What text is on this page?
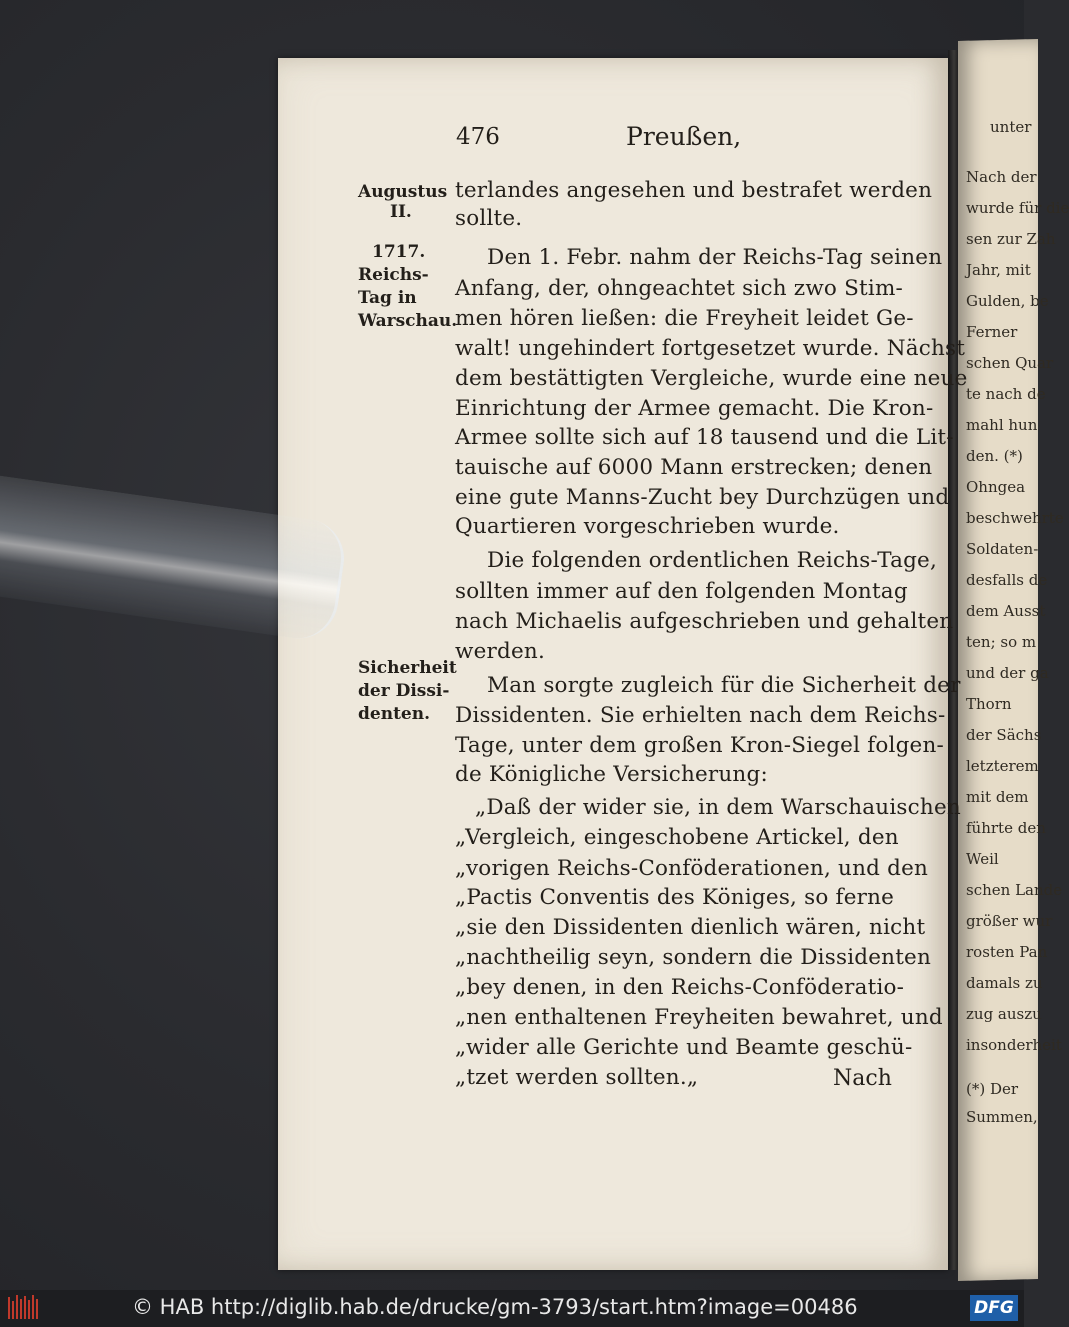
unter
Nach der
wurde für die
sen zur Zah
Jahr, mit
Gulden, be
Ferner
schen Quar
te nach de
mahl hun
den. (*)
Ohngea
beschwehrte
Soldaten-
desfalls de
dem Ausst
ten; so m
und der ga
Thorn
der Sächs
letzterem
mit dem
führte den
Weil
schen Lande
größer wur
rosten Pan
damals zu
zug auszu
insonderheit
(*) Der
Summen,
476	Preußen,
Augustus
II.
1717.
Reichs-
Tag in
Warschau.
Sicherheit
der Dissi-
denten.
terlandes angesehen und bestrafet werden
sollte.
Den 1. Febr. nahm der Reichs-Tag seinen
Anfang, der, ohngeachtet sich zwo Stim-
men hören ließen: die Freyheit leidet Ge-
walt! ungehindert fortgesetzet wurde. Nächst
dem bestättigten Vergleiche, wurde eine neue
Einrichtung der Armee gemacht. Die Kron-
Armee sollte sich auf 18 tausend und die Lit-
tauische auf 6000 Mann erstrecken; denen
eine gute Manns-Zucht bey Durchzügen und
Quartieren vorgeschrieben wurde.
Die folgenden ordentlichen Reichs-Tage,
sollten immer auf den folgenden Montag
nach Michaelis aufgeschrieben und gehalten
werden.
Man sorgte zugleich für die Sicherheit der
Dissidenten. Sie erhielten nach dem Reichs-
Tage, unter dem großen Kron-Siegel folgen-
de Königliche Versicherung:
„Daß der wider sie, in dem Warschauischen
„Vergleich, eingeschobene Artickel, den
„vorigen Reichs-Conföderationen, und den
„Pactis Conventis des Königes, so ferne
„sie den Dissidenten dienlich wären, nicht
„nachtheilig seyn, sondern die Dissidenten
„bey denen, in den Reichs-Conföderatio-
„nen enthaltenen Freyheiten bewahret, und
„wider alle Gerichte und Beamte geschü-
„tzet werden sollten.„	Nach
© HAB http://diglib.hab.de/drucke/gm-3793/start.htm?image=00486	DFG
